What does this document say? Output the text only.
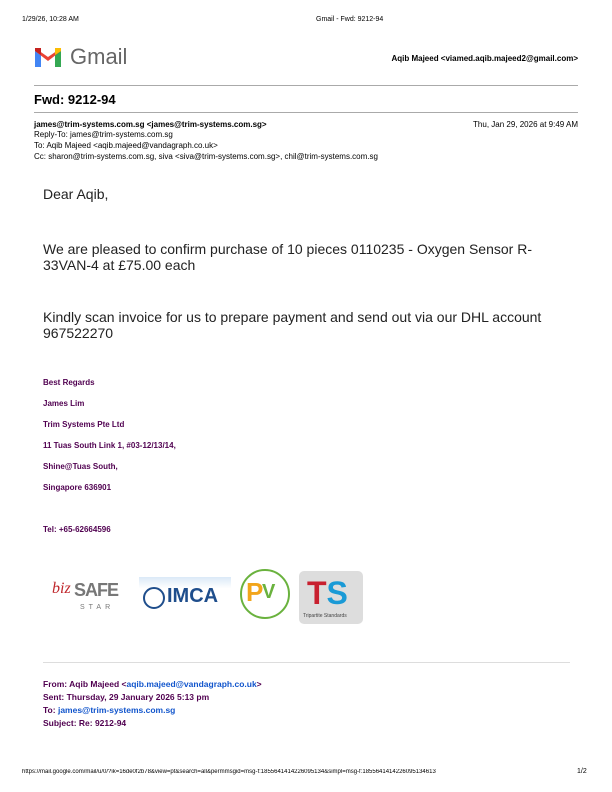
1/29/26, 10:28 AM	Gmail - Fwd: 9212-94
Gmail	Aqib Majeed <viamed.aqib.majeed2@gmail.com>
Fwd: 9212-94
james@trim-systems.com.sg <james@trim-systems.com.sg>	Thu, Jan 29, 2026 at 9:49 AM
Reply-To: james@trim-systems.com.sg
To: Aqib Majeed <aqib.majeed@vandagraph.co.uk>
Cc: sharon@trim-systems.com.sg, siva <siva@trim-systems.com.sg>, chil@trim-systems.com.sg
Dear Aqib,
We are pleased to confirm purchase of 10 pieces 0110235 - Oxygen Sensor R-
33VAN-4 at £75.00 each
Kindly scan invoice for us to prepare payment and send out via our DHL account
967522270
Best Regards
James Lim
Trim Systems Pte Ltd
11 Tuas South Link 1, #03-12/13/14,
Shine@Tuas South,
Singapore 636901
Tel: +65-62664596
biz SAFE
STAR
IMCA P
V TS
Tripartite Standards
From: Aqib Majeed <aqib.majeed@vandagraph.co.uk>
Sent: Thursday, 29 January 2026 5:13 pm
To: james@trim-systems.com.sg
Subject: Re: 9212-94
https://mail.google.com/mail/u/0/?ik=16de0f2b78&view=pt&search=all&permmsgid=msg-f:1855641414226095134&simpl=msg-f:1855641414226095134613	1/2
